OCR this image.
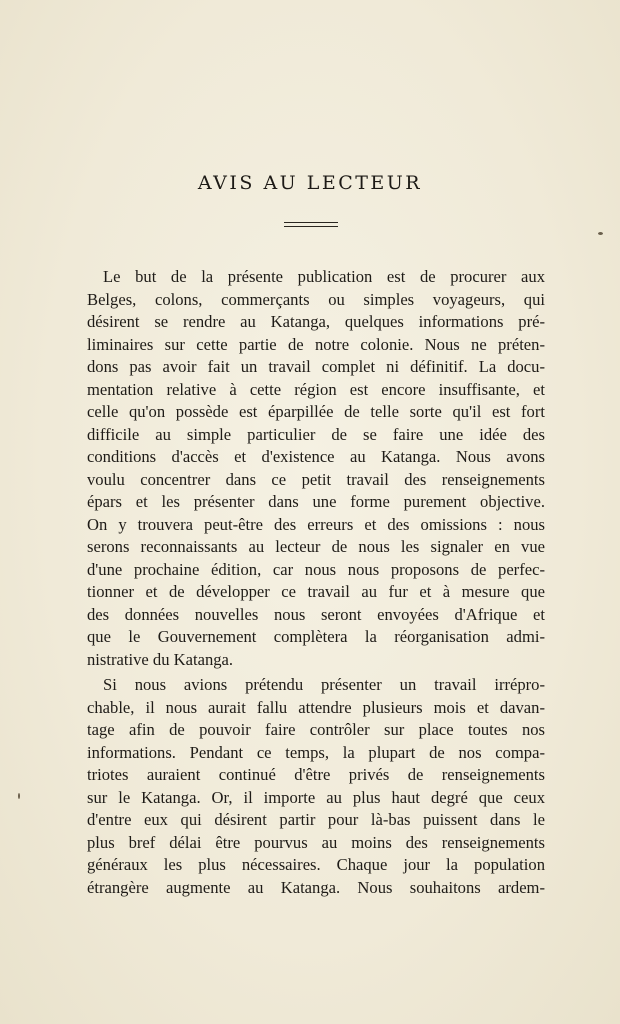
AVIS AU LECTEUR
Le but de la présente publication est de procurer aux
Belges, colons, commerçants ou simples voyageurs, qui
désirent se rendre au Katanga, quelques informations pré-
liminaires sur cette partie de notre colonie. Nous ne préten-
dons pas avoir fait un travail complet ni définitif. La docu-
mentation relative à cette région est encore insuffisante, et
celle qu'on possède est éparpillée de telle sorte qu'il est fort
difficile au simple particulier de se faire une idée des
conditions d'accès et d'existence au Katanga. Nous avons
voulu concentrer dans ce petit travail des renseignements
épars et les présenter dans une forme purement objective.
On y trouvera peut-être des erreurs et des omissions : nous
serons reconnaissants au lecteur de nous les signaler en vue
d'une prochaine édition, car nous nous proposons de perfec-
tionner et de développer ce travail au fur et à mesure que
des données nouvelles nous seront envoyées d'Afrique et
que le Gouvernement complètera la réorganisation admi-
nistrative du Katanga.
Si nous avions prétendu présenter un travail irrépro-
chable, il nous aurait fallu attendre plusieurs mois et davan-
tage afin de pouvoir faire contrôler sur place toutes nos
informations. Pendant ce temps, la plupart de nos compa-
triotes auraient continué d'être privés de renseignements
sur le Katanga. Or, il importe au plus haut degré que ceux
d'entre eux qui désirent partir pour là-bas puissent dans le
plus bref délai être pourvus au moins des renseignements
généraux les plus nécessaires. Chaque jour la population
étrangère augmente au Katanga. Nous souhaitons ardem-
